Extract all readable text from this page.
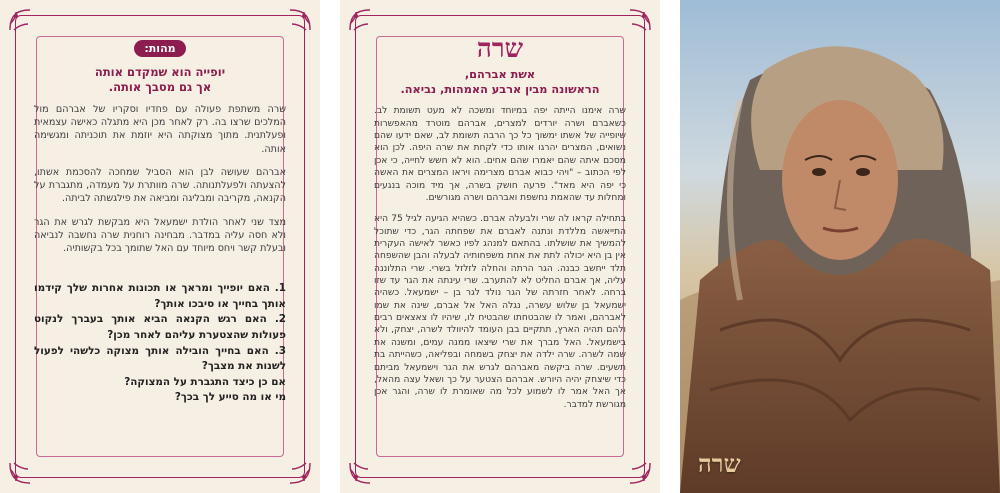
מהות:
יופייה הוא שמקדם אותה
אך גם מסבך אותה.

שרה משתפת פעולה עם פחדיו וסקריו של אברהם מול המלכים שרצו בה. רק לאחר מכן היא מתגלה כאישה עצמאית ופעלתנית. מתוך מצוקתה היא יוזמת את תוכניתה ומגשימה אותה.

אברהם שעושה לבן הוא הסביל שמחכה להסכמת אשתו, להצעתה ולפעלתנותה. שרה מוותרת על מעמדה, מתגברת על הקנאה, מקריבה ומבליגה ומביאה את פילגשתה לביתה.

מצד שני לאחר הולדת ישמעאל היא מבקשת לגרש את הגר ולא חסה עליה במדבר. מבחינה רוחנית שרה נחשבה לנביאה ובעלת קשר ויחס מיוחד עם האל שתומך בכל בקשותיה.

1. האם יופייך ומראך או תכונות אחרות שלך קידמו אותך בחייך או סיבכו אותך?

2. האם רגש הקנאה הביא אותך בעברך לנקוט פעולות שהצטערת עליהם לאחר מכן?

3. האם בחייך הובילה אותך מצוקה כלשהי לפעול לשנות את מצבך?

אם כן כיצד התגברת על המצוקה?

מי או מה סייע לך בכך?

שרה
אשת אברהם,
הראשונה מבין ארבע האמהות, נביאה.

שרה אימנו הייתה יפה במיוחד ומשכה לא מעט תשומת לב. כשאברם ושרה יורדים למצרים, אברהם מוטרד מהאפשרות שיופייה של אשתו ימשוך כל כך הרבה תשומת לב, שאם ידעו שהם נשואים, המצרים יהרגו אותו כדי לקחת את שרה היפה. לכן הוא מסכם איתה שהם יאמרו שהם אחים. הוא לא חשש לחייה, כי אכן לפי הכתוב – "ויהי כבוא אברם מצרימה ויראו המצרים את האשה כי יפה היא מאד". פרעה חושק בשרה, אך מיד מוכה בנגעים ומחלות עד שהאמת נחשפת ואברהם ושרה מגורשים.

בתחילה קראו לה שרי ולבעלה אברם. כשהיא הגיעה לגיל 75 היא התייאשה מללדת ונתנה לאברם את שפחתה הגר, כדי שתוכל להמשיך את שושלתו. בהתאם למנהג לפיו כאשר לאישה העקרית אין בן היא יכולה לתת את אחת משפחותיה לבעלה והבן שהשפחה תלד ייחשב כבנה. הגר הרתה והחלה לזלזל בשרי. שרי התלוננה עליה, אך אברם החליט לא להתערב. שרי עינתה את הגר עד שזו ברחה. לאחר חזרתה של הגר נולד לגר בן – ישמעאל. כשהיה ישמעאל בן שלוש עשרה, נגלה האל אל אברם, שינה את שמו לאברהם, ואמר לו שהבטחתו שהבטיח לו, שיהיו לו צאצאים רבים ולהם תהיה הארץ, תתקיים בבן העומד להיוולד לשרה, יצחק, ולא בישמעאל. האל מברך את שרי שיצאו ממנה עמים, ומשנה את שמה לשרה. שרה ילדה את יצחק בשמחה ובפליאה, כשהייתה בת תשעים. שרה ביקשה מאברהם לגרש את הגר וישמעאל מביתם כדי שיצחק יהיה היורש. אברהם הצטער על כך ושאל עצה מהאל, אך האל אמר לו לשמוע לכל מה שאומרת לו שרה, והגר אכן מגורשת למדבר.

שרה
